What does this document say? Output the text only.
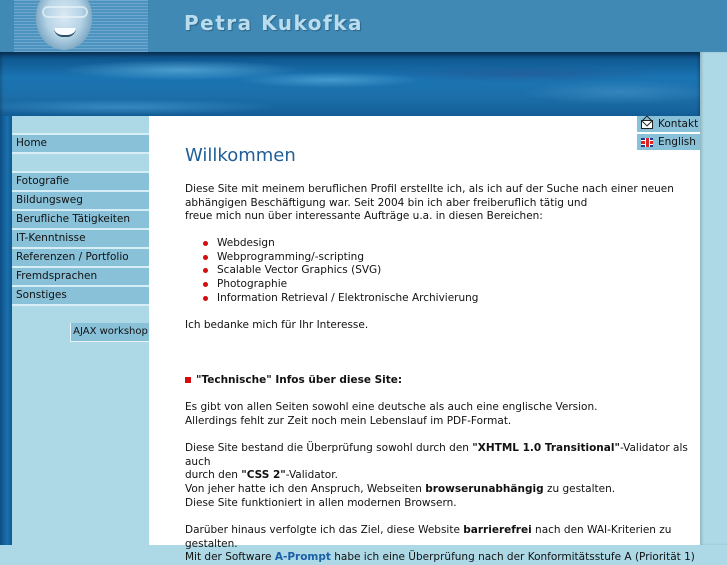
Petra Kukofka
Home
Fotografie
Bildungsweg
Berufliche Tätigkeiten
IT-Kenntnisse
Referenzen / Portfolio
Fremdsprachen
Sonstiges
AJAX workshop
Kontakt
English
Willkommen
Diese Site mit meinem beruflichen Profil erstellte ich, als ich auf der Suche nach einer neuen
abhängigen Beschäftigung war. Seit 2004 bin ich aber freiberuflich tätig und
freue mich nun über interessante Aufträge u.a. in diesen Bereichen:
Webdesign
Webprogramming/-scripting
Scalable Vector Graphics (SVG)
Photographie
Information Retrieval / Elektronische Archivierung
Ich bedanke mich für Ihr Interesse.
"Technische" Infos über diese Site:
Es gibt von allen Seiten sowohl eine deutsche als auch eine englische Version.
Allerdings fehlt zur Zeit noch mein Lebenslauf im PDF-Format.
Diese Site bestand die Überprüfung sowohl durch den "XHTML 1.0 Transitional"-Validator als auch
durch den "CSS 2"-Validator.
Von jeher hatte ich den Anspruch, Webseiten browserunabhängig zu gestalten.
Diese Site funktioniert in allen modernen Browsern.
Darüber hinaus verfolgte ich das Ziel, diese Website barrierefrei nach den WAI-Kriterien zu gestalten.
Mit der Software A-Prompt habe ich eine Überprüfung nach der Konformitätsstufe A (Priorität 1)
